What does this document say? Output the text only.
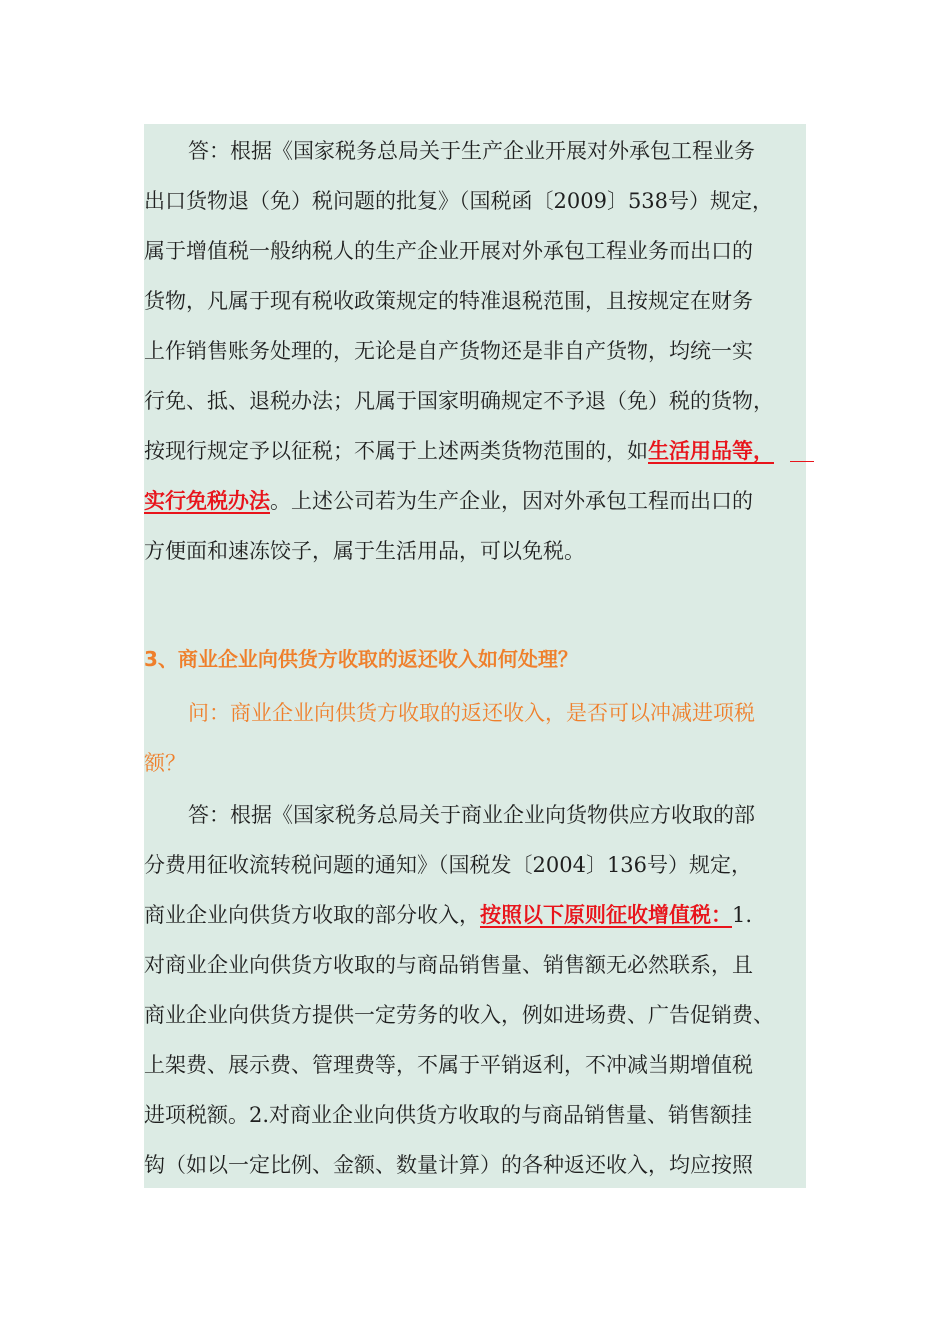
答：根据《国家税务总局关于生产企业开展对外承包工程业务
出口货物退（免）税问题的批复》（国税函〔2009〕538号）规定，
属于增值税一般纳税人的生产企业开展对外承包工程业务而出口的
货物，凡属于现有税收政策规定的特准退税范围，且按规定在财务
上作销售账务处理的，无论是自产货物还是非自产货物，均统一实
行免、抵、退税办法；凡属于国家明确规定不予退（免）税的货物，
按现行规定予以征税；不属于上述两类货物范围的，如生活用品等，
实行免税办法。上述公司若为生产企业，因对外承包工程而出口的
方便面和速冻饺子，属于生活用品，可以免税。
3、商业企业向供货方收取的返还收入如何处理？
问：商业企业向供货方收取的返还收入，是否可以冲减进项税
额？
答：根据《国家税务总局关于商业企业向货物供应方收取的部
分费用征收流转税问题的通知》（国税发〔2004〕136号）规定，
商业企业向供货方收取的部分收入，按照以下原则征收增值税：1.
对商业企业向供货方收取的与商品销售量、销售额无必然联系，且
商业企业向供货方提供一定劳务的收入，例如进场费、广告促销费、
上架费、展示费、管理费等，不属于平销返利，不冲减当期增值税
进项税额。2.对商业企业向供货方收取的与商品销售量、销售额挂
钩（如以一定比例、金额、数量计算）的各种返还收入，均应按照
